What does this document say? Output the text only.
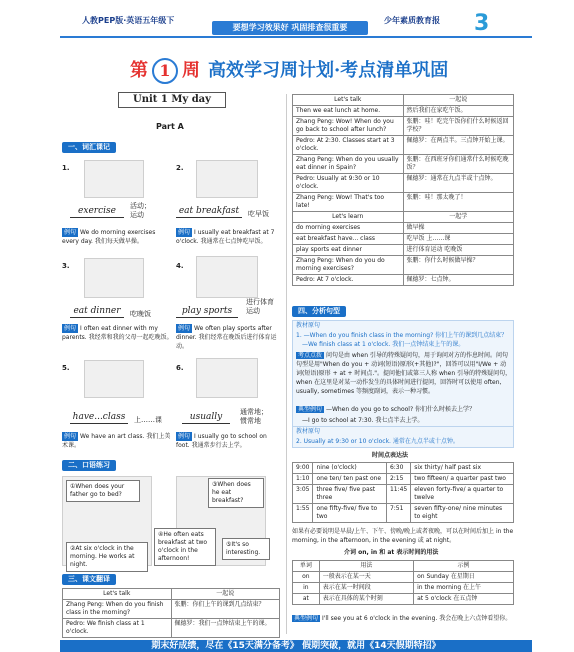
人教PEP版·英语五年级下
要想学习效果好 巩固排查很重要
少年素质教育报 3
第 1 周 高效学习周计划·考点清单巩固
Unit 1 My day
Part A
一、词汇课记
1.
exercise	活动；运动
例句 We do morning exercises every day. 我们每天做早操。
2.
eat breakfast	吃早饭
例句 I usually eat breakfast at 7 o'clock. 我通常在七点钟吃早饭。
3.
eat dinner	吃晚饭
例句 I often eat dinner with my parents. 我经常和我的父母一起吃晚饭。
4.
play sports
进行体育运动
例句 We often play sports after dinner. 我们经常在晚饭后进行体育运动。
5.
have...class	上……课
例句 We have an art class. 我们上美术课。
6.
usually	通常地；惯常地
例句 I usually go to school on foot. 我通常步行去上学。
二、口语练习
①When does your father go to bed?
②At six o'clock in the morning. He works at night.
③When does he eat breakfast?
④He often eats breakfast at two o'clock in the afternoon!
⑤It's so interesting.
三、课文翻译
Let's talk	一起说
Zhang Peng: When do you finish class in the morning?	张鹏：你们上午的课到几点结束？
Pedro: We finish class at 1 o'clock.	佩德罗：我们一点钟结束上午的课。
Let's talk	一起说
Then we eat lunch at home.	然后我们在家吃午饭。
Zhang Peng: Wow! When do you go back to school after lunch?	张鹏：哇！吃完午饭你们什么时候返回学校？
Pedro: At 2:30. Classes start at 3 o'clock.	佩德罗：在两点半。三点钟开始上课。
Zhang Peng: When do you usually eat dinner in Spain?	张鹏：在西班牙你们通常什么时候吃晚饭？
Pedro: Usually at 9:30 or 10 o'clock.	佩德罗：通常在九点半或十点钟。
Zhang Peng: Wow! That's too late!	张鹏：哇！那太晚了！
Let's learn	一起学
do morning exercises	做早操
eat breakfast have... class	吃早饭 上……课
play sports eat dinner	进行体育运动 吃晚饭
Zhang Peng: When do you do morning exercises?	张鹏：你什么时候做早操？
Pedro: At 7 o'clock.	佩德罗：七点钟。
四、分析句型
教材原句
1. —When do you finish class in the morning? 你们上午的课到几点结束？
—We finish class at 1 o'clock. 我们一点钟结束上午的课。
考点点拨 问句是由 when 引导的特殊疑问句，用于询问对方的作息时间。问句句型是用"When do you + 动词(短语)原形(+其他)?"，回答可以用"I/We + 动词(短语)原形 + at + 时间点."。提问他们或第三人称 when 引导的特殊疑问句，when 在这里是对某一动作发生的具体时间进行提问，回答时可以使用 often, usually, sometimes 等频度副词，表示一种习惯。
典型例句 —When do you go to school? 你们什么时候去上学？
—I go to school at 7:30. 我七点半去上学。
教材原句
2. Usually at 9:30 or 10 o'clock. 通常在九点半或十点钟。
时间点表达法
9:00	nine (o'clock)	6:30	six thirty/ half past six
1:10	one ten/ ten past one	2:15	two fifteen/ a quarter past two
3:05	three five/ five past three	11:45	eleven forty-five/ a quarter to twelve
1:55	one fifty-five/ five to two	7:51	seven fifty-one/ nine minutes to eight
如果有必要说明是早晨/上午、下午、傍晚/晚上或者夜晚，可以在时间后加上 in the morning, in the afternoon, in the evening 或 at night。
介词 on, in 和 at 表示时间的用法
单词	用法	示例
on	一般表示在某一天	on Sunday 在星期日
in	表示在某一时间段	in the morning 在上午
at	表示在具体的某个时刻	at 5 o'clock 在五点钟
典型例句 I'll see you at 6 o'clock in the evening. 我会在晚上六点钟看望你。
期末好成绩，尽在《15天满分备考》 假期突破，就用《14天假期特招》
